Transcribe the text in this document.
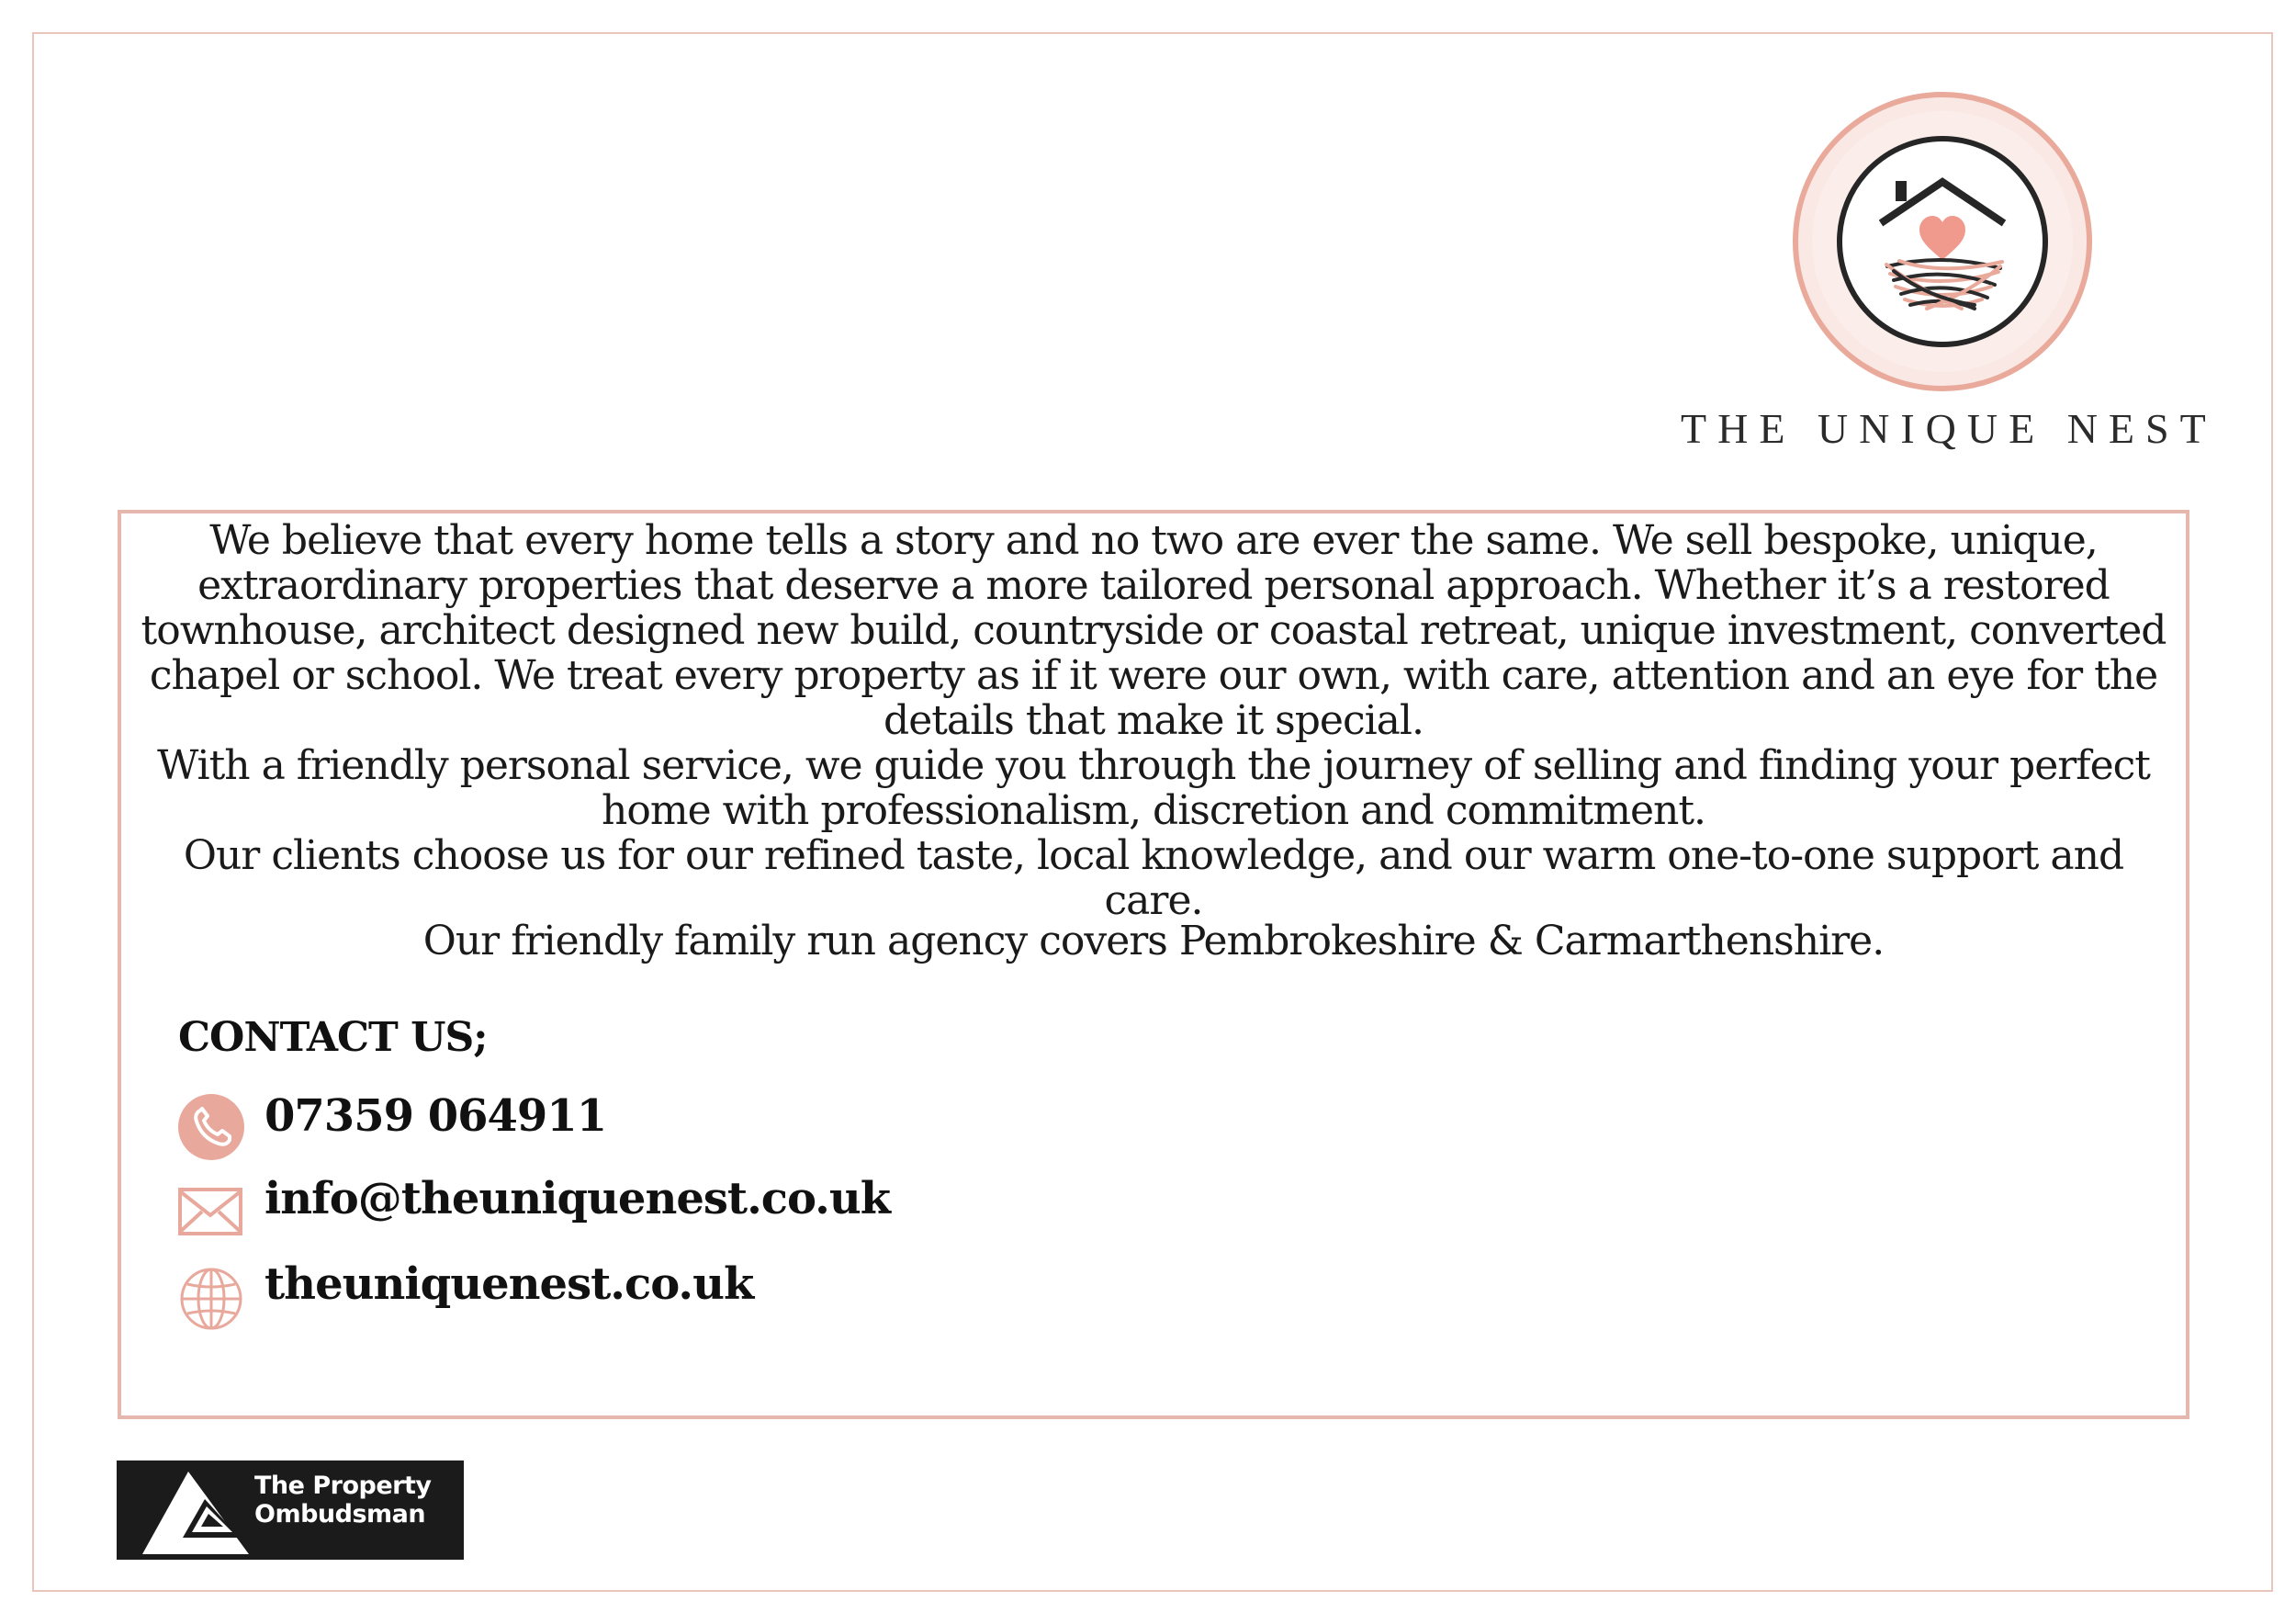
THE UNIQUE NEST

We believe that every home tells a story and no two are ever the same. We sell bespoke, unique, extraordinary properties that deserve a more tailored personal approach. Whether it’s a restored townhouse, architect designed new build, countryside or coastal retreat, unique investment, converted chapel or school. We treat every property as if it were our own, with care, attention and an eye for the details that make it special.

With a friendly personal service, we guide you through the journey of selling and finding your perfect home with professionalism, discretion and commitment.

Our clients choose us for our refined taste, local knowledge, and our warm one-to-one support and care.

Our friendly family run agency covers Pembrokeshire & Carmarthenshire.
CONTACT US;
07359 064911
info@theuniquenest.co.uk
theuniquenest.co.uk
The Property
Ombudsman
